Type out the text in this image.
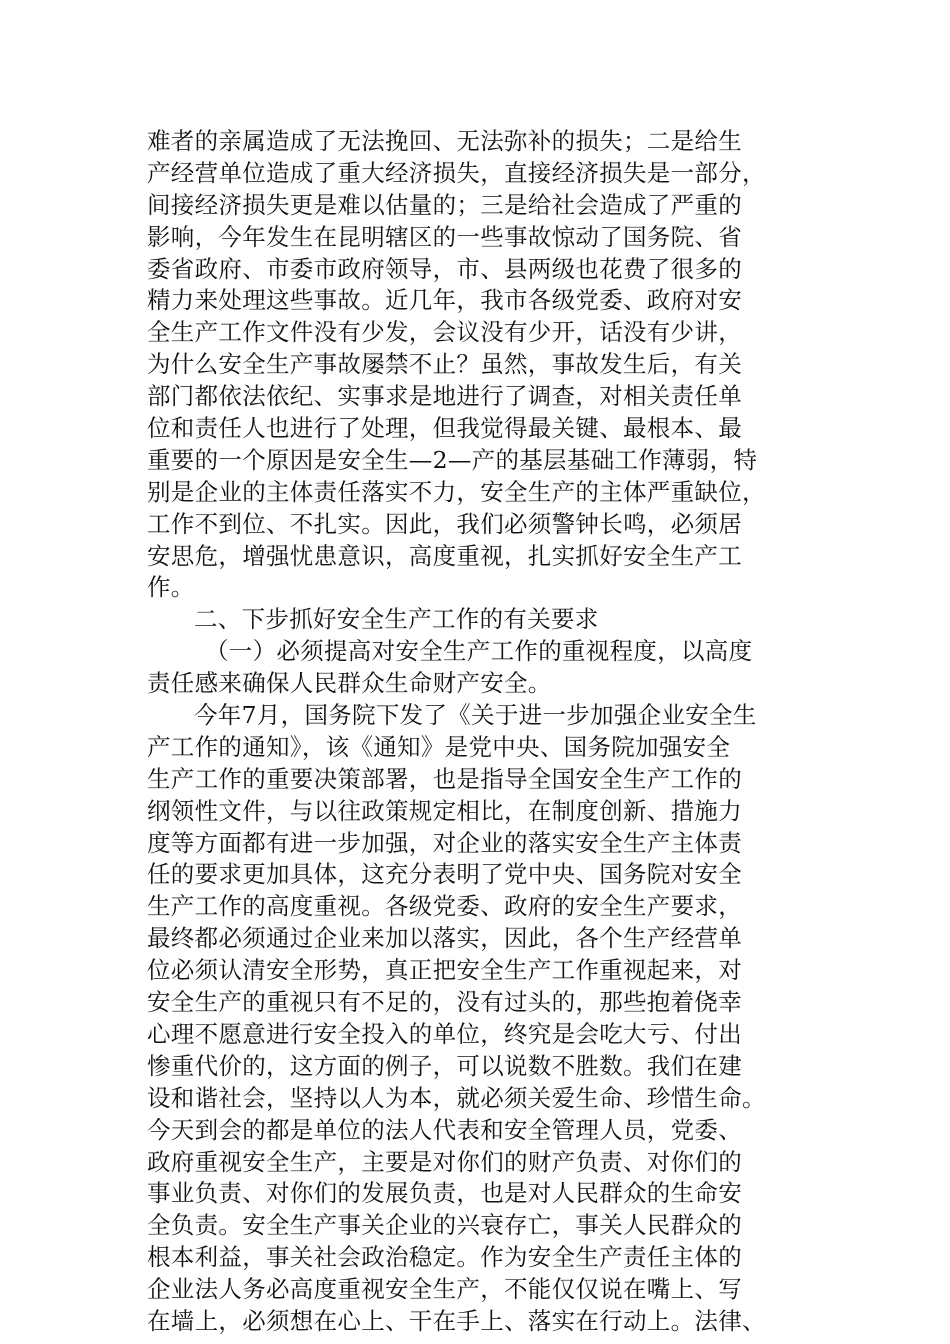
难者的亲属造成了无法挽回、无法弥补的损失；二是给生
产经营单位造成了重大经济损失，直接经济损失是一部分，
间接经济损失更是难以估量的；三是给社会造成了严重的
影响，今年发生在昆明辖区的一些事故惊动了国务院、省
委省政府、市委市政府领导，市、县两级也花费了很多的
精力来处理这些事故。近几年，我市各级党委、政府对安
全生产工作文件没有少发，会议没有少开，话没有少讲，
为什么安全生产事故屡禁不止？虽然，事故发生后，有关
部门都依法依纪、实事求是地进行了调查，对相关责任单
位和责任人也进行了处理，但我觉得最关键、最根本、最
重要的一个原因是安全生—2—产的基层基础工作薄弱，特
别是企业的主体责任落实不力，安全生产的主体严重缺位，
工作不到位、不扎实。因此，我们必须警钟长鸣，必须居
安思危，增强忧患意识，高度重视，扎实抓好安全生产工
作。
二、下步抓好安全生产工作的有关要求
（一）必须提高对安全生产工作的重视程度，以高度
责任感来确保人民群众生命财产安全。
今年7月，国务院下发了《关于进一步加强企业安全生
产工作的通知》，该《通知》是党中央、国务院加强安全
生产工作的重要决策部署，也是指导全国安全生产工作的
纲领性文件，与以往政策规定相比，在制度创新、措施力
度等方面都有进一步加强，对企业的落实安全生产主体责
任的要求更加具体，这充分表明了党中央、国务院对安全
生产工作的高度重视。各级党委、政府的安全生产要求，
最终都必须通过企业来加以落实，因此，各个生产经营单
位必须认清安全形势，真正把安全生产工作重视起来，对
安全生产的重视只有不足的，没有过头的，那些抱着侥幸
心理不愿意进行安全投入的单位，终究是会吃大亏、付出
惨重代价的，这方面的例子，可以说数不胜数。我们在建
设和谐社会，坚持以人为本，就必须关爱生命、珍惜生命。
今天到会的都是单位的法人代表和安全管理人员，党委、
政府重视安全生产，主要是对你们的财产负责、对你们的
事业负责、对你们的发展负责，也是对人民群众的生命安
全负责。安全生产事关企业的兴衰存亡，事关人民群众的
根本利益，事关社会政治稳定。作为安全生产责任主体的
企业法人务必高度重视安全生产，不能仅仅说在嘴上、写
在墙上，必须想在心上、干在手上、落实在行动上。法律、
